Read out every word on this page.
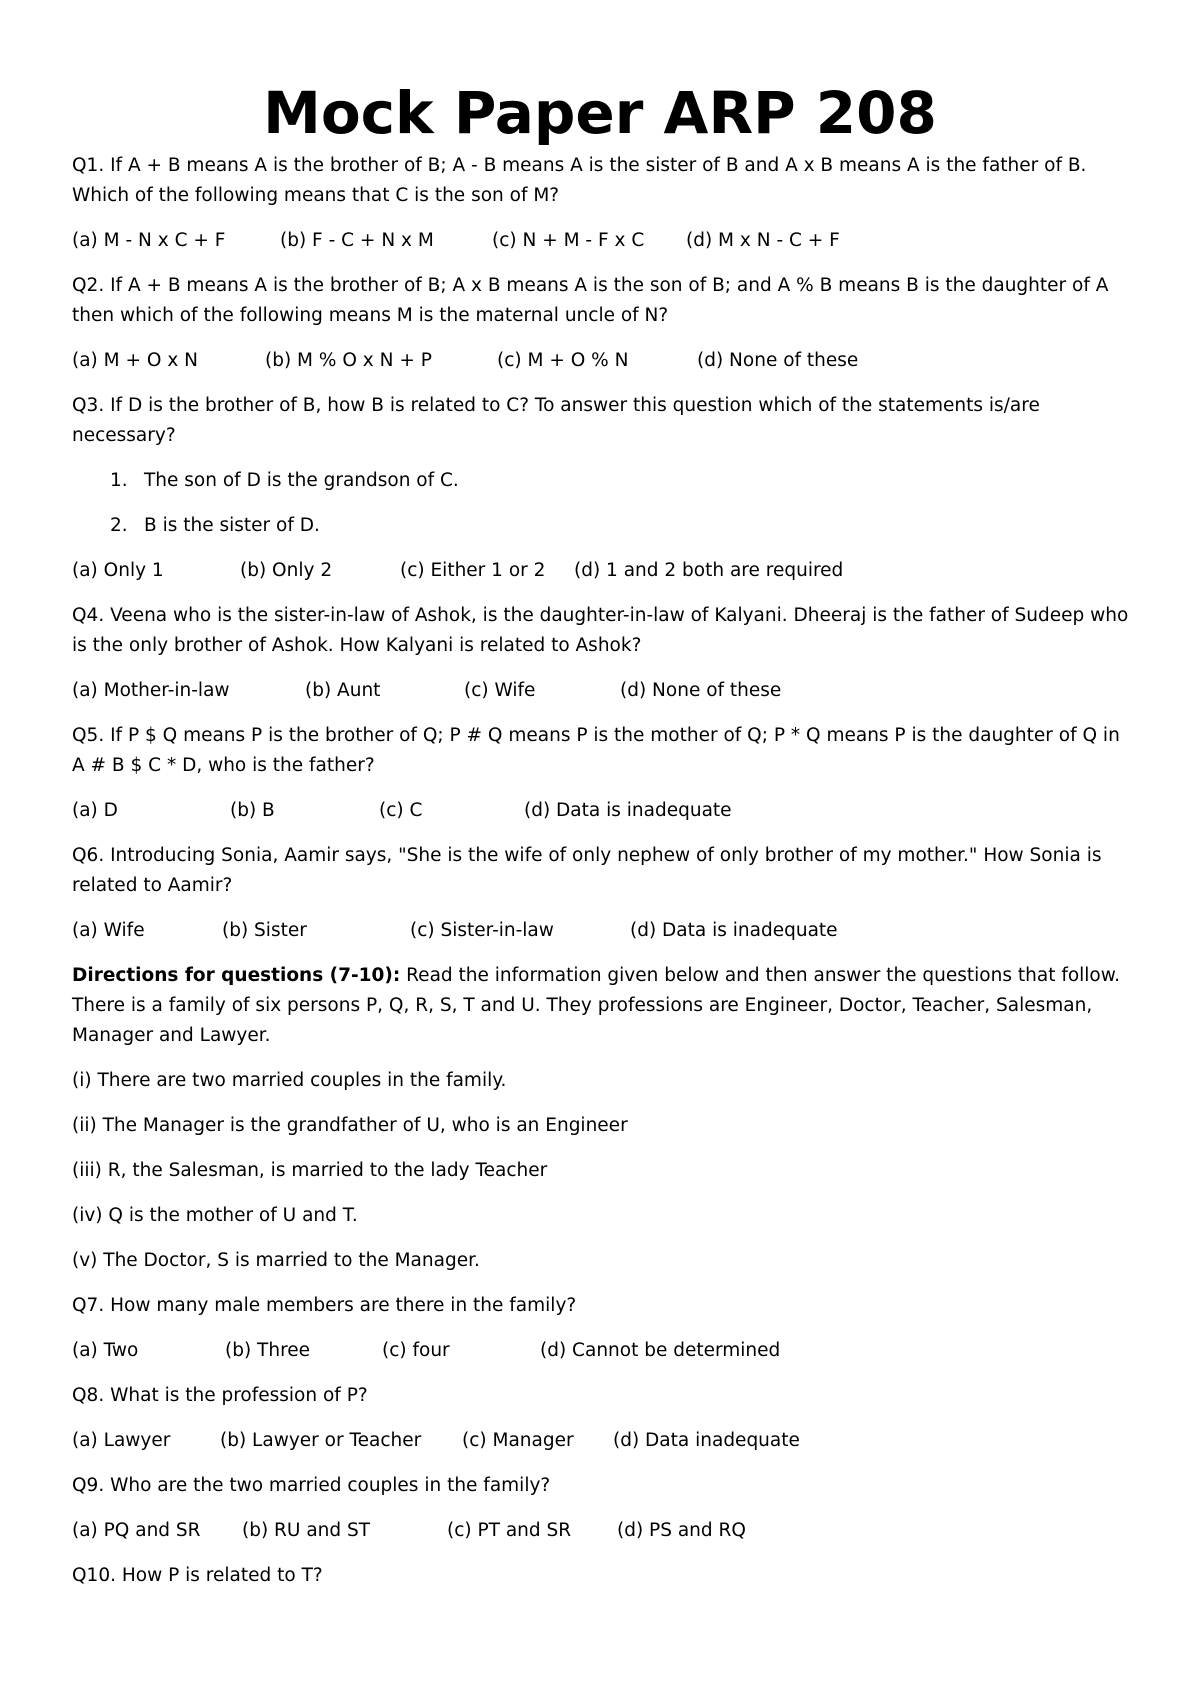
Mock Paper ARP 208

Q1. If A + B means A is the brother of B; A - B means A is the sister of B and A x B means A is the father of B. Which of the following means that C is the son of M?

(a) M - N x C + F	(b) F - C + N x M	(c) N + M - F x C (d) M x N - C + F

Q2. If A + B means A is the brother of B; A x B means A is the son of B; and A % B means B is the daughter of A then which of the following means M is the maternal uncle of N?

(a) M + O x N	(b) M % O x N + P	(c) M + O % N	(d) None of these

Q3. If D is the brother of B, how B is related to C? To answer this question which of the statements is/are necessary?

1. The son of D is the grandson of C.

2. B is the sister of D.

(a) Only 1	(b) Only 2	(c) Either 1 or 2 (d) 1 and 2 both are required

Q4. Veena who is the sister-in-law of Ashok, is the daughter-in-law of Kalyani. Dheeraj is the father of Sudeep who is the only brother of Ashok. How Kalyani is related to Ashok?

(a) Mother-in-law	(b) Aunt	(c) Wife	(d) None of these

Q5. If P $ Q means P is the brother of Q; P # Q means P is the mother of Q; P * Q means P is the daughter of Q in A # B $ C * D, who is the father?

(a) D	(b) B	(c) C	(d) Data is inadequate

Q6. Introducing Sonia, Aamir says, "She is the wife of only nephew of only brother of my mother." How Sonia is related to Aamir?

(a) Wife	(b) Sister	(c) Sister-in-law	(d) Data is inadequate

Directions for questions (7-10): Read the information given below and then answer the questions that follow. There is a family of six persons P, Q, R, S, T and U. They professions are Engineer, Doctor, Teacher, Salesman, Manager and Lawyer.

(i) There are two married couples in the family.

(ii) The Manager is the grandfather of U, who is an Engineer

(iii) R, the Salesman, is married to the lady Teacher

(iv) Q is the mother of U and T.

(v) The Doctor, S is married to the Manager.

Q7. How many male members are there in the family?

(a) Two	(b) Three	(c) four	(d) Cannot be determined

Q8. What is the profession of P?

(a) Lawyer	(b) Lawyer or Teacher (c) Manager (d) Data inadequate

Q9. Who are the two married couples in the family?

(a) PQ and SR (b) RU and ST	(c) PT and SR (d) PS and RQ

Q10. How P is related to T?
